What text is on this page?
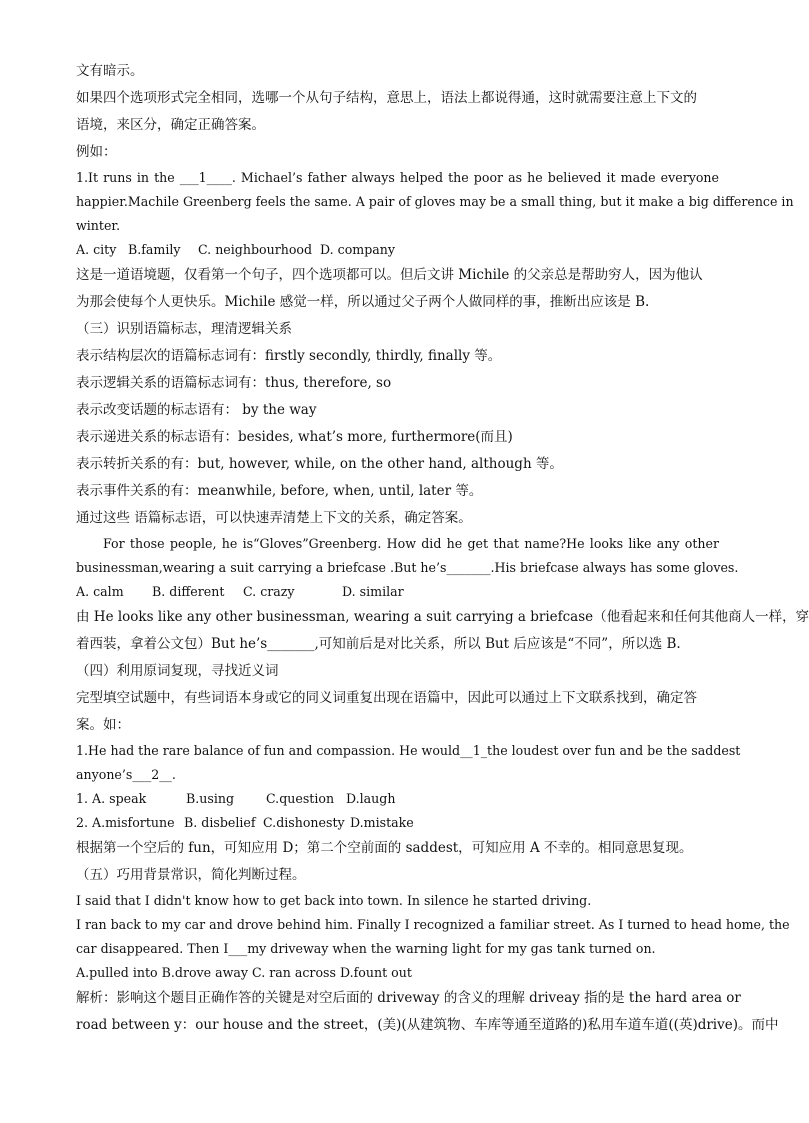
文有暗示。
如果四个选项形式完全相同，选哪一个从句子结构，意思上，语法上都说得通，这时就需要注意上下文的
语境，来区分，确定正确答案。
例如：
1.It runs in the ___1____. Michael’s father always helped the poor as he believed it made everyone
happier.Machile Greenberg feels the same. A pair of gloves may be a small thing, but it make a big difference in
winter.
A. city B.family	C. neighbourhood D. company
这是一道语境题，仅看第一个句子，四个选项都可以。但后文讲 Michile 的父亲总是帮助穷人，因为他认
为那会使每个人更快乐。Michile 感觉一样，所以通过父子两个人做同样的事，推断出应该是 B.
（三）识别语篇标志，理清逻辑关系
表示结构层次的语篇标志词有：firstly secondly, thirdly, finally 等。
表示逻辑关系的语篇标志词有：thus, therefore, so
表示改变话题的标志语有： by the way
表示递进关系的标志语有：besides, what’s more, furthermore(而且)
表示转折关系的有：but, however, while, on the other hand, although 等。
表示事件关系的有：meanwhile, before, when, until, later 等。
通过这些 语篇标志语，可以快速弄清楚上下文的关系，确定答案。
For those people, he is“Gloves”Greenberg. How did he get that name?He looks like any other
businessman,wearing a suit carrying a briefcase .But he’s_______.His briefcase always has some gloves.
A. calm	B. different	C. crazy	D. similar
由 He looks like any other businessman, wearing a suit carrying a briefcase（他看起来和任何其他商人一样，穿
着西装，拿着公文包）But he’s_______,可知前后是对比关系，所以 But 后应该是“不同”，所以选 B.
（四）利用原词复现，寻找近义词
完型填空试题中，有些词语本身或它的同义词重复出现在语篇中，因此可以通过上下文联系找到，确定答
案。如：
1.He had the rare balance of fun and compassion. He would__1_the loudest over fun and be the saddest
anyone’s___2__.
1. A. speak	B.using	C.question D.laugh
2. A.misfortune B. disbelief C.dishonesty D.mistake
根据第一个空后的 fun，可知应用 D；第二个空前面的 saddest，可知应用 A 不幸的。相同意思复现。
（五）巧用背景常识，简化判断过程。
I said that I didn't know how to get back into town. In silence he started driving.
I ran back to my car and drove behind him. Finally I recognized a familiar street. As I turned to head home, the
car disappeared. Then I___my driveway when the warning light for my gas tank turned on.
A.pulled into B.drove away C. ran across D.fount out
解析：影响这个题目正确作答的关键是对空后面的 driveway 的含义的理解 driveay 指的是 the hard area or
road between y：our house and the street，(美)(从建筑物、车库等通至道路的)私用车道车道((英)drive)。而中
